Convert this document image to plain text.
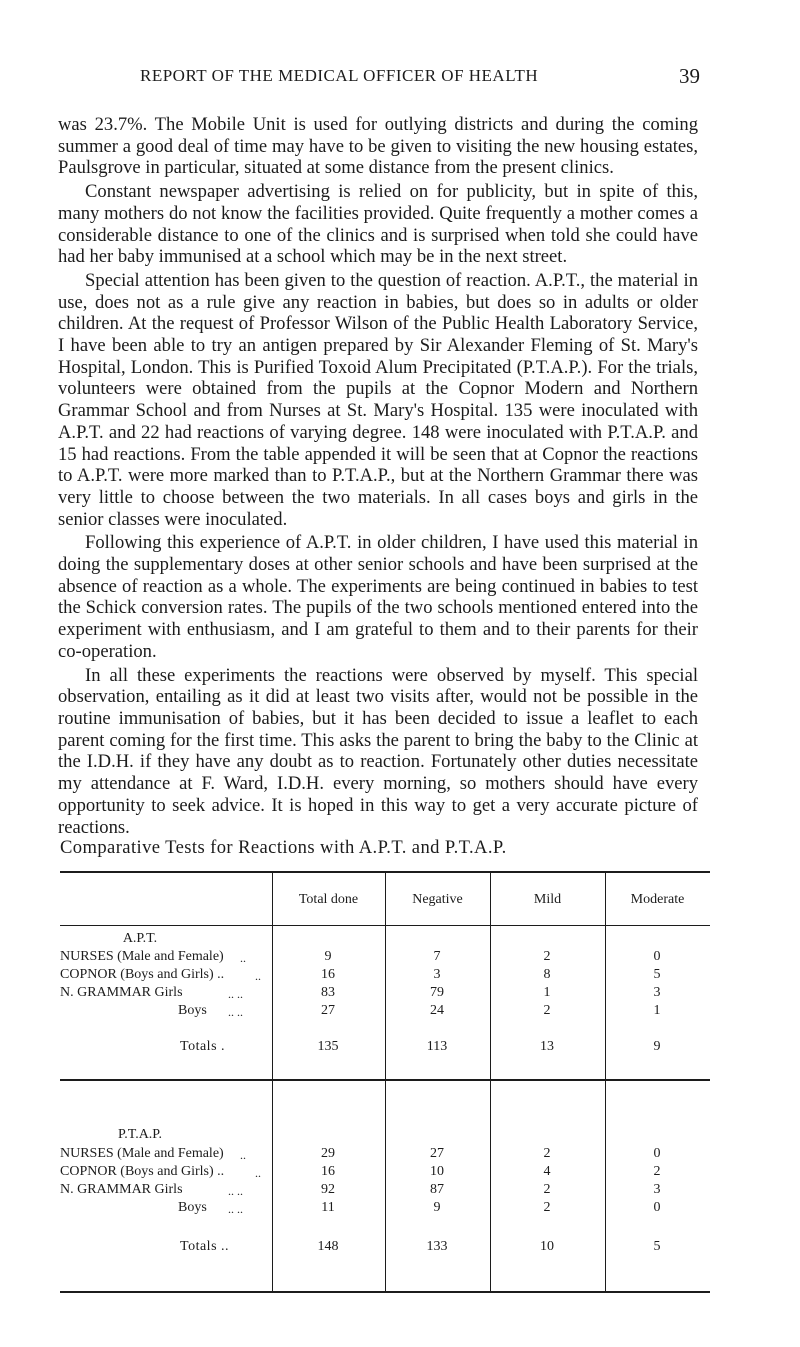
REPORT OF THE MEDICAL OFFICER OF HEALTH	39

was 23.7%. The Mobile Unit is used for outlying districts and during the coming summer a good deal of time may have to be given to visiting the new housing estates, Paulsgrove in particular, situated at some distance from the present clinics.

Constant newspaper advertising is relied on for publicity, but in spite of this, many mothers do not know the facilities provided. Quite frequently a mother comes a considerable distance to one of the clinics and is surprised when told she could have had her baby immunised at a school which may be in the next street.

Special attention has been given to the question of reaction. A.P.T., the material in use, does not as a rule give any reaction in babies, but does so in adults or older children. At the request of Professor Wilson of the Public Health Laboratory Service, I have been able to try an antigen prepared by Sir Alexander Fleming of St. Mary's Hospital, London. This is Purified Toxoid Alum Precipitated (P.T.A.P.). For the trials, volunteers were obtained from the pupils at the Copnor Modern and Northern Grammar School and from Nurses at St. Mary's Hospital. 135 were inoculated with A.P.T. and 22 had reactions of varying degree. 148 were inoculated with P.T.A.P. and 15 had reactions. From the table appended it will be seen that at Copnor the reactions to A.P.T. were more marked than to P.T.A.P., but at the Northern Grammar there was very little to choose between the two materials. In all cases boys and girls in the senior classes were inoculated.

Following this experience of A.P.T. in older children, I have used this material in doing the supplementary doses at other senior schools and have been surprised at the absence of reaction as a whole. The experiments are being continued in babies to test the Schick conversion rates. The pupils of the two schools mentioned entered into the experiment with enthusiasm, and I am grateful to them and to their parents for their co-operation.

In all these experiments the reactions were observed by myself. This special observation, entailing as it did at least two visits after, would not be possible in the routine immunisation of babies, but it has been decided to issue a leaflet to each parent coming for the first time. This asks the parent to bring the baby to the Clinic at the I.D.H. if they have any doubt as to reaction. Fortunately other duties necessitate my attendance at F. Ward, I.D.H. every morning, so mothers should have every opportunity to seek advice. It is hoped in this way to get a very accurate picture of reactions.

Comparative Tests for Reactions with A.P.T. and P.T.A.P.
Total done	Negative	Mild	Moderate
A.P.T.
NURSES (Male and Female) ..	9	7	2	0
COPNOR (Boys and Girls) ..	..	16	3	8	5
N. GRAMMAR Girls	.. ..	83	79	1	3
Boys .. ..	27	24	2	1
Totals .	135	113	13	9
P.T.A.P.
NURSES (Male and Female) ..	29	27	2	0
COPNOR (Boys and Girls) ..	..	16	10	4	2
N. GRAMMAR Girls	.. ..	92	87	2	3
Boys .. ..	11	9	2	0
Totals ..	148	133	10	5
